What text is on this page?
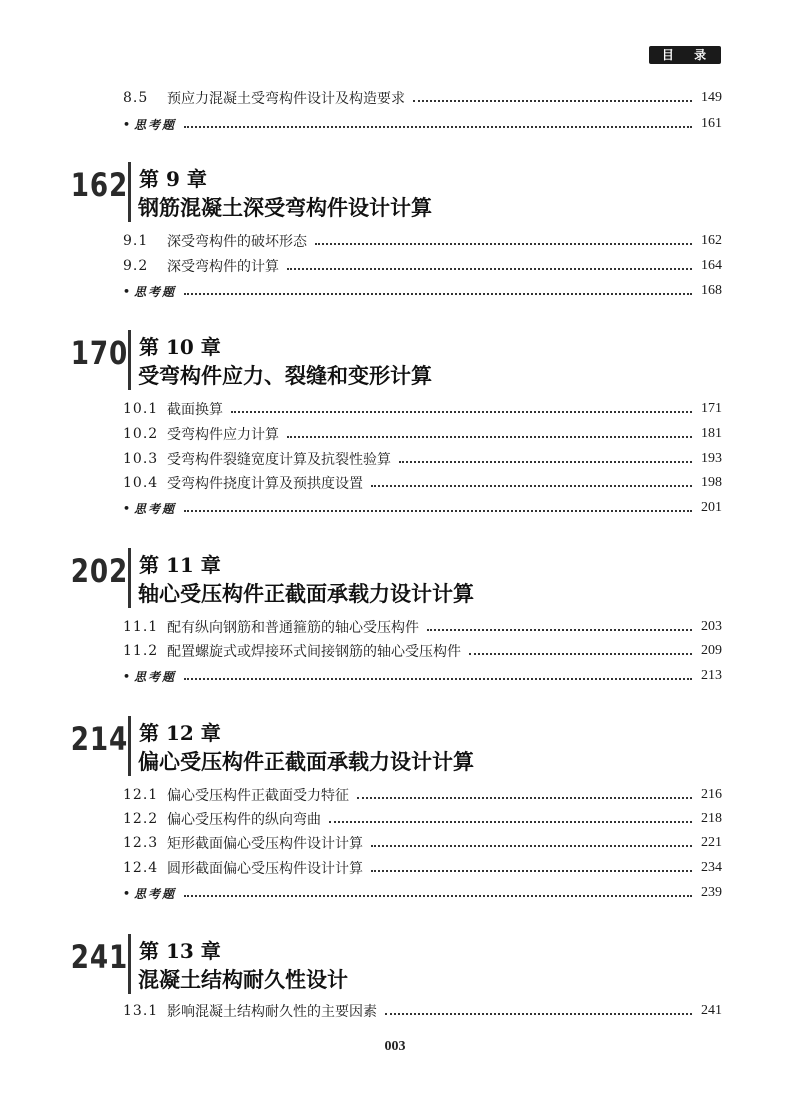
目 录
8.5	预应力混凝土受弯构件设计及构造要求	149
• 思考题	161
162 第 9 章
钢筋混凝土深受弯构件设计计算
9.1	深受弯构件的破坏形态	162
9.2	深受弯构件的计算	164
• 思考题	168
170 第 10 章
受弯构件应力、裂缝和变形计算
10.1 截面换算	171
10.2 受弯构件应力计算	181
10.3 受弯构件裂缝宽度计算及抗裂性验算	193
10.4 受弯构件挠度计算及预拱度设置	198
• 思考题	201
202 第 11 章
轴心受压构件正截面承载力设计计算
11.1 配有纵向钢筋和普通箍筋的轴心受压构件	203
11.2 配置螺旋式或焊接环式间接钢筋的轴心受压构件	209
• 思考题	213
214 第 12 章
偏心受压构件正截面承载力设计计算
12.1 偏心受压构件正截面受力特征	216
12.2 偏心受压构件的纵向弯曲	218
12.3 矩形截面偏心受压构件设计计算	221
12.4 圆形截面偏心受压构件设计计算	234
• 思考题	239
241 第 13 章
混凝土结构耐久性设计
13.1 影响混凝土结构耐久性的主要因素	241
003
